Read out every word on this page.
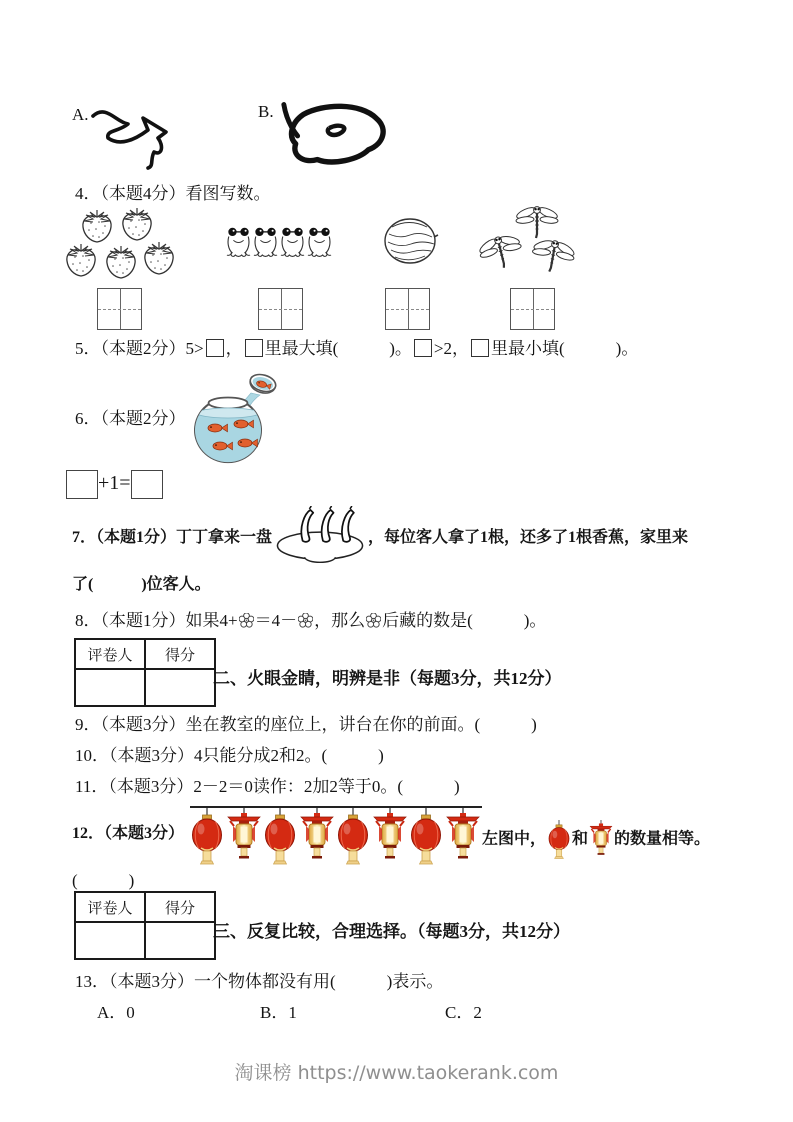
A.	B.
4．（本题4分）看图写数。
5．（本题2分）5> ， 里最大填(　　　)。 >2， 里最小填(　　　)。
6．（本题2分）
+1=
7．（本题1分）丁丁拿来一盘	，每位客人拿了1根，还多了1根香蕉，家里来
了(　　　)位客人。
8．（本题1分）如果4+ ＝4－ ，那么 后藏的数是(　　　)。
评卷人	得分

二、火眼金睛，明辨是非（每题3分，共12分）
9．（本题3分）坐在教室的座位上，讲台在你的前面。(　　　)
10．（本题3分）4只能分成2和2。(　　　)
11．（本题3分）2－2＝0读作：2加2等于0。(　　　)
12．（本题3分）	左图中， 和 的数量相等。
(　　　)
评卷人	得分

三、反复比较，合理选择。（每题3分，共12分）
13．（本题3分）一个物体都没有用(　　　)表示。
A．0	B．1	C．2
淘课榜 https://www.taokerank.com
